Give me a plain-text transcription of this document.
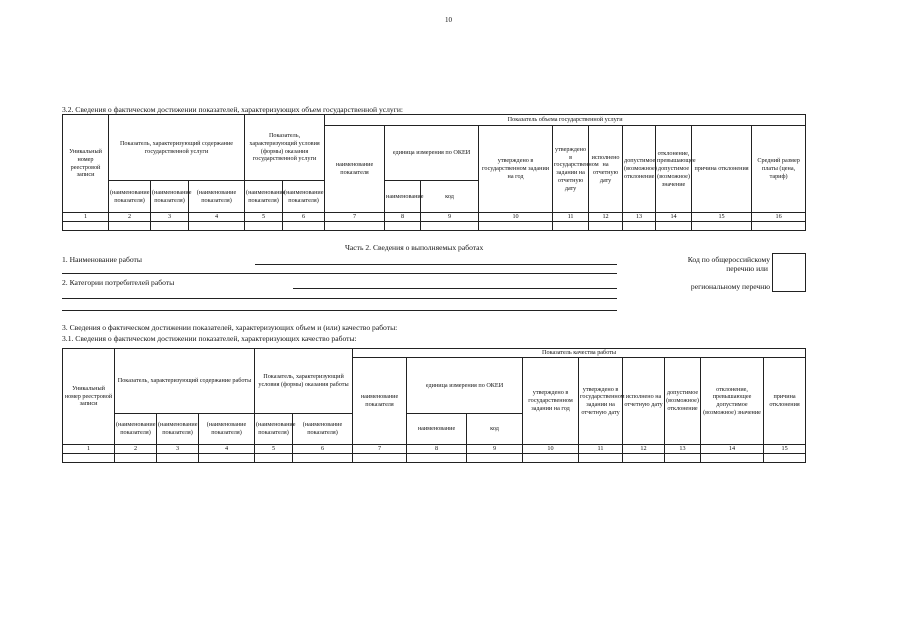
10
3.2. Сведения о фактическом достижении показателей, характеризующих объем государственной услуги:
Уникальный номер реестровой записи	Показатель, характеризующий содержание государственной услуги			Показатель, характеризующий условия (формы) оказания государственной услуги		Показатель объема государственной услуги									
						наименование показателя	единица измерения по ОКЕИ		утверждено в государственном задании на год	утверждено в государственном задании на отчетную дату	исполнено на отчетную дату	допустимое (возможное) отклонение	отклонение, превышающее допустимое (возможное) значение	причина отклонения	Средний размер платы (цена, тариф)
	(наименование показателя)	(наименование показателя)	(наименование показателя)	(наименование показателя)	(наименование показателя)		наименование	код							
1	2	3	4	5	6	7	8	9	10	11	12	13	14	15	16

Часть 2. Сведения о выполняемых работах
1. Наименование работы
2. Категории потребителей работы
Код по общероссийскому
перечню или
региональному перечню
3. Сведения о фактическом достижении показателей, характеризующих объем и (или) качество работы:
3.1. Сведения о фактическом достижении показателей, характеризующих качество работы:
Уникальный номер реестровой записи	Показатель, характеризующий содержание работы			Показатель, характеризующий условия (формы) оказания работы		Показатель качества работы								
						наименование показателя	единица измерения по ОКЕИ		утверждено в государственном задании на год	утверждено в государственном задании на отчетную дату	исполнено на отчетную дату	допустимое (возможное) отклонение	отклонение, превышающее допустимое (возможное) значение	причина отклонения
	(наименование показателя)	(наименование показателя)	(наименование показателя)	(наименование показателя)	(наименование показателя)		наименование	код						
1	2	3	4	5	6	7	8	9	10	11	12	13	14	15
